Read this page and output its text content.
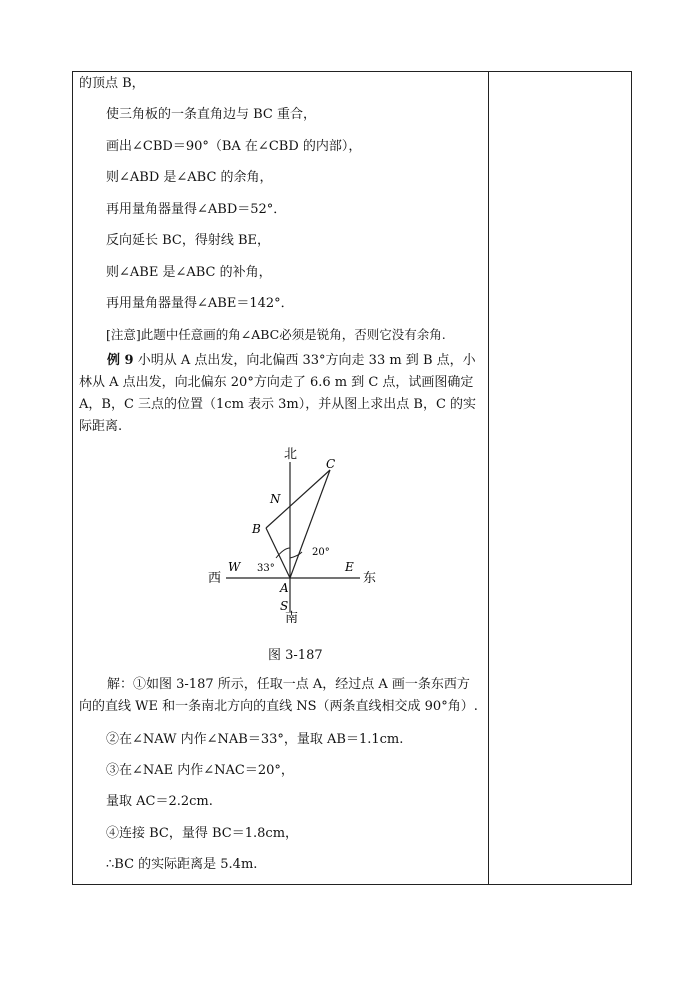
的顶点 B，
使三角板的一条直角边与 BC 重合，
画出∠CBD＝90°（BA 在∠CBD 的内部），
则∠ABD 是∠ABC 的余角，
再用量角器量得∠ABD＝52°．
反向延长 BC，得射线 BE，
则∠ABE 是∠ABC 的补角，
再用量角器量得∠ABE＝142°．
[注意]此题中任意画的角∠ABC必须是锐角，否则它没有余角.
例 9 小明从 A 点出发，向北偏西 33°方向走 33 m 到 B 点，小林从 A 点出发，向北偏东 20°方向走了 6.6 m 到 C 点，试画图确定 A，B，C 三点的位置（1cm 表示 3m），并从图上求出点 B，C 的实际距离.
北
C
N
B
20°
W 33°	E
西	东
A
S
南
图 3-187
解：①如图 3-187 所示，任取一点 A，经过点 A 画一条东西方向的直线 WE 和一条南北方向的直线 NS（两条直线相交成 90°角）.
②在∠NAW 内作∠NAB＝33°，量取 AB＝1.1cm.
③在∠NAE 内作∠NAC＝20°，
量取 AC＝2.2cm.
④连接 BC，量得 BC＝1.8cm，
∴BC 的实际距离是 5.4m.
